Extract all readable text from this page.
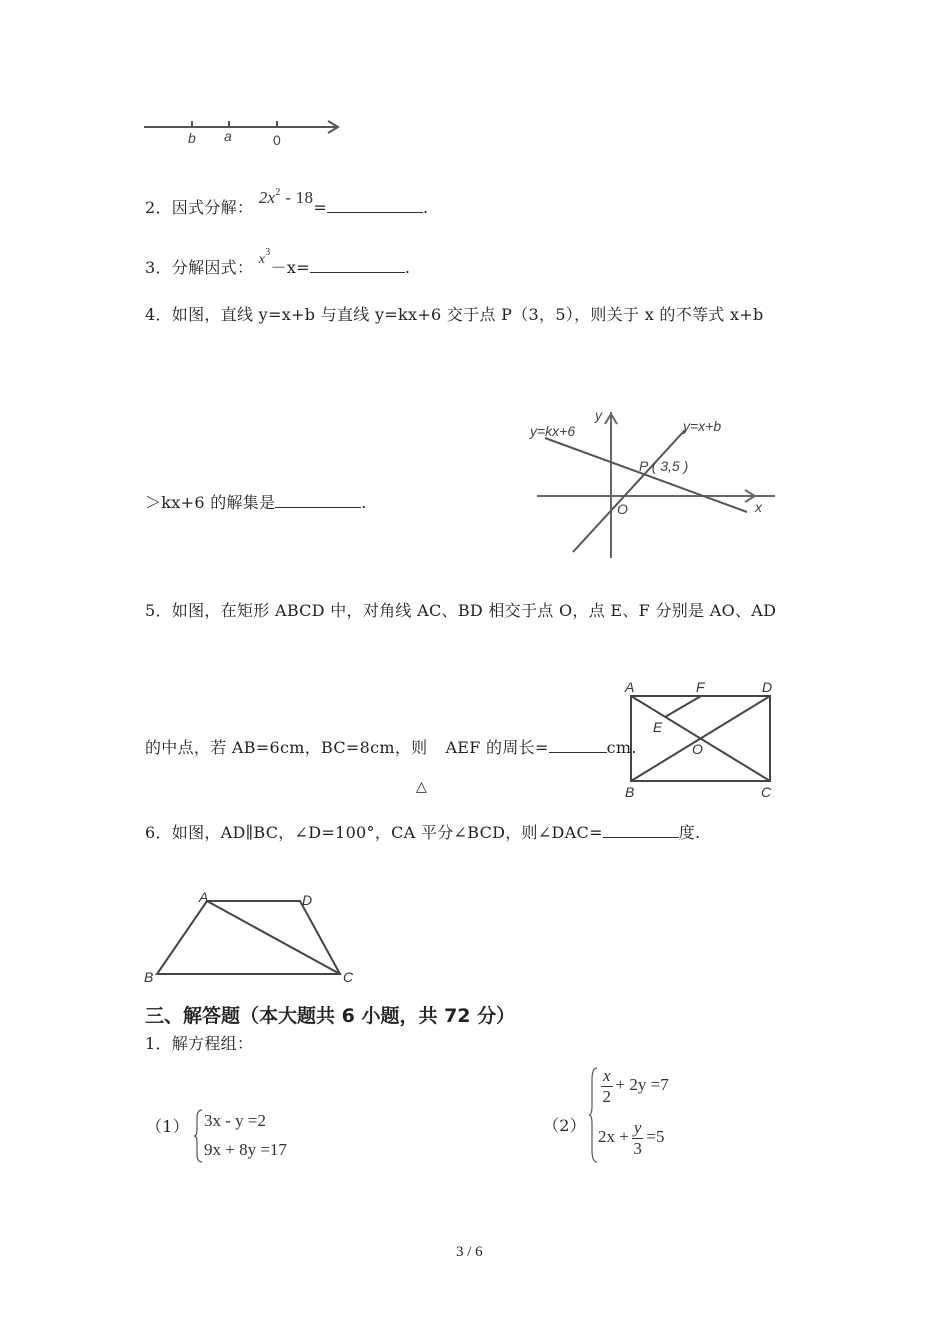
b a	0
2．因式分解： $2x^2 - 18=$	.
3．分解因式： $x^3-x=$	.
4．如图，直线 y=x+b 与直线 y=kx+6 交于点 P（3，5），则关于 x 的不等式 x+b
＞kx+6 的解集是	.
y=kx+6	y=x+b
P ( 3,5 )
O	x
y
5．如图，在矩形 ABCD 中，对角线 AC、BD 相交于点 O，点 E、F 分别是 AO、AD
的中点，若 AB=6cm，BC=8cm，则 AEF 的周长=	cm.
△
A	F	D
E
O
B	C
6．如图，AD∥BC，∠D=100°，CA 平分∠BCD，则∠DAC=	度.
A	D
B	C
三、解答题（本大题共 6 小题，共 72 分）
1．解方程组：
（1） 3x - y =2
9x + 8y =17
（2）
$\frac{x}{2} + 2y =7$
$2x + \frac{y}{3} =5$
3 / 6
